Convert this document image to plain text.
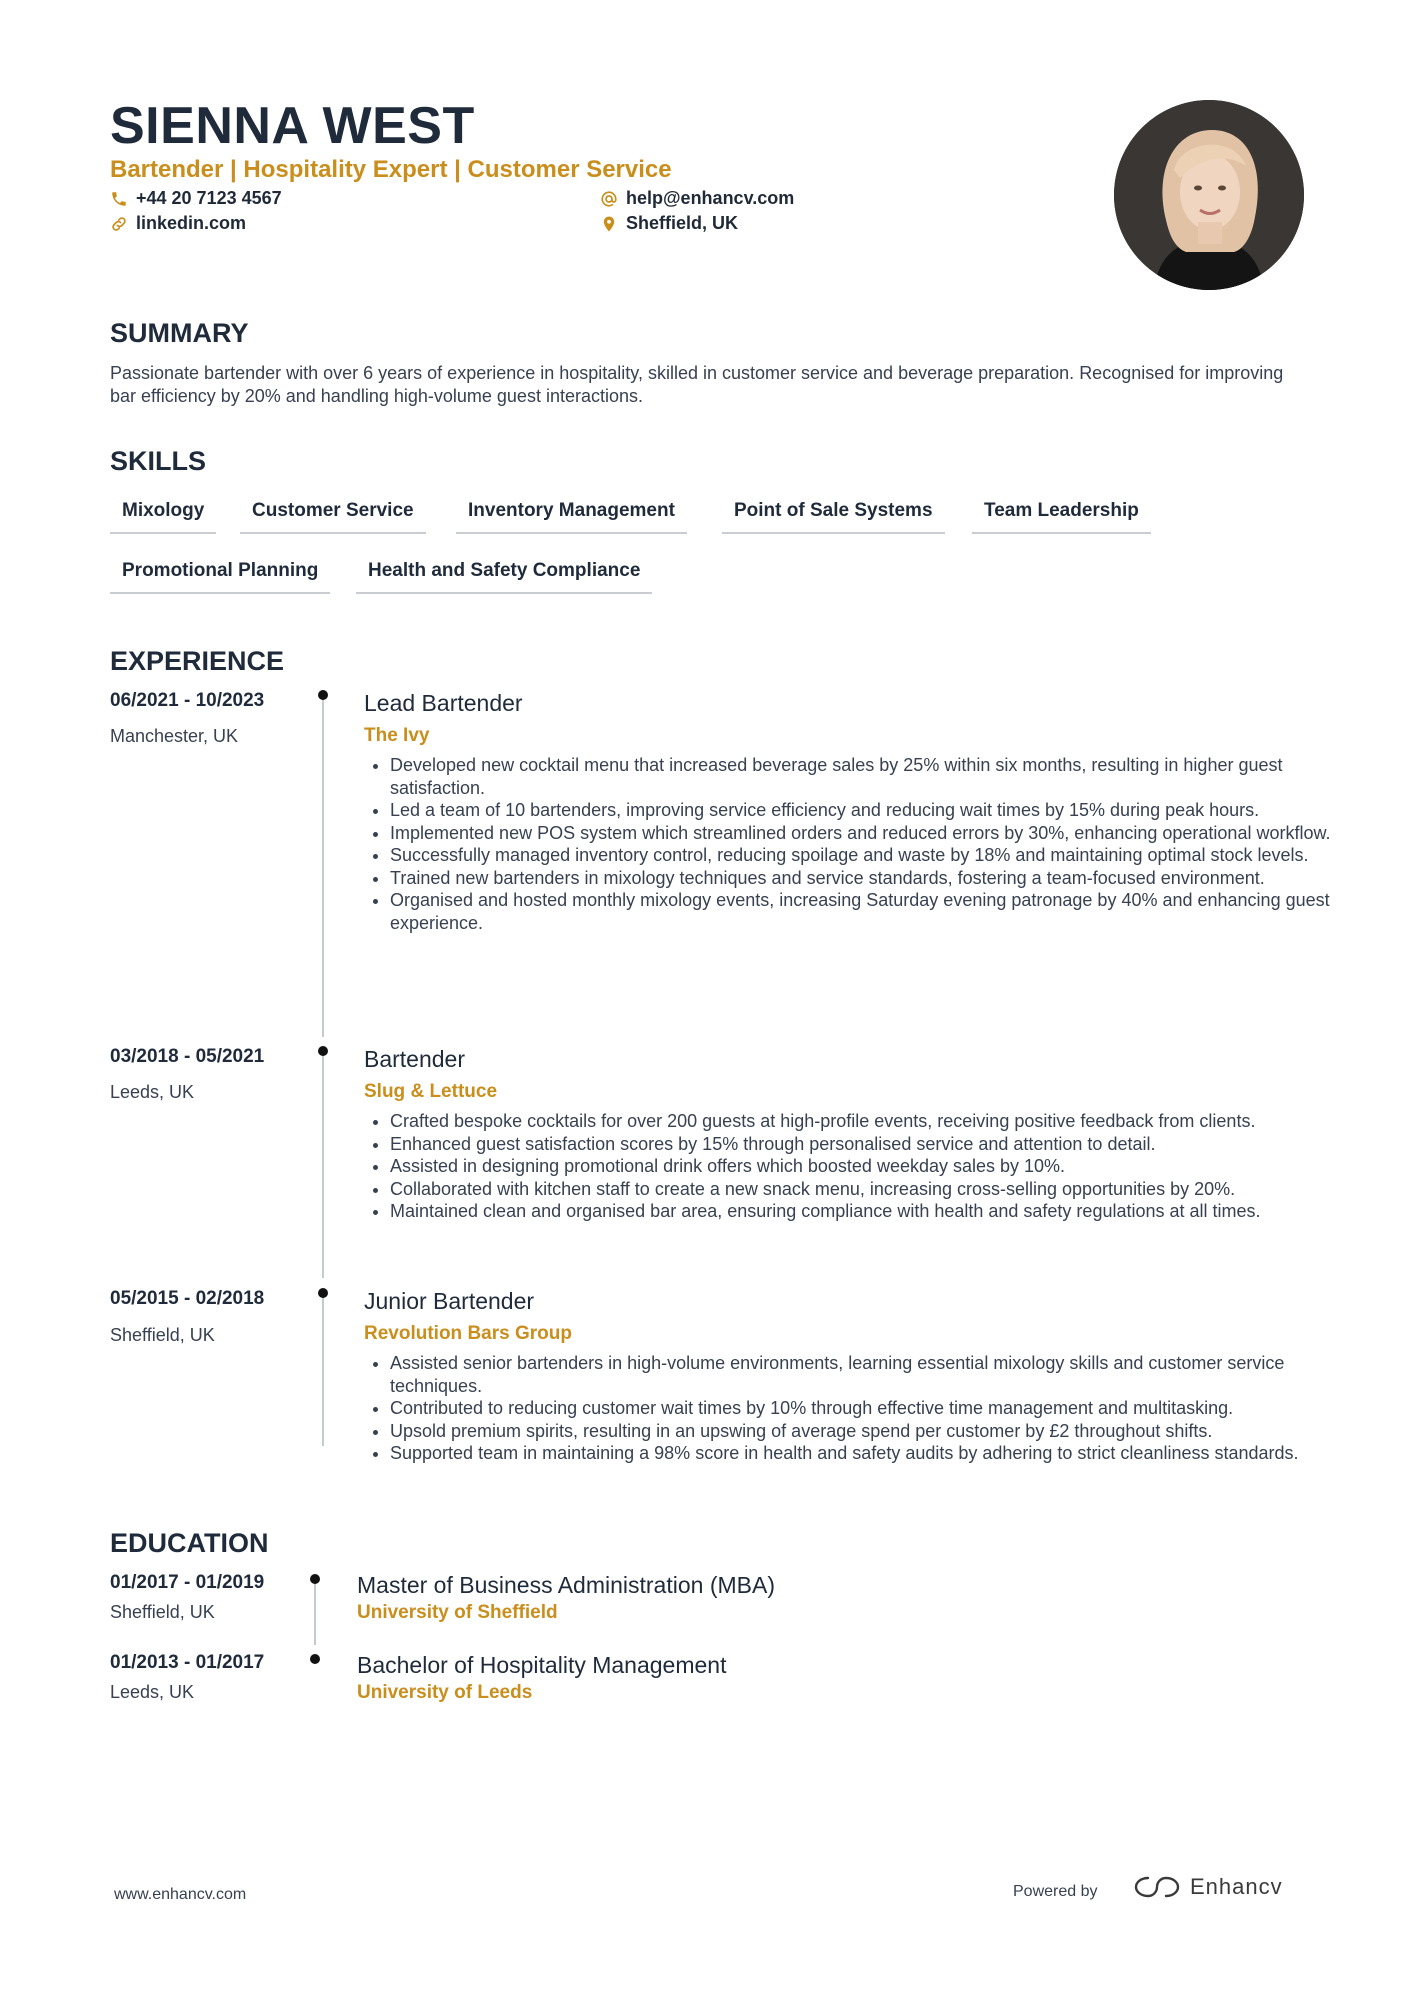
SIENNA WEST
Bartender | Hospitality Expert | Customer Service
+44 20 7123 4567	help@enhancv.com
linkedin.com	Sheffield, UK
SUMMARY
Passionate bartender with over 6 years of experience in hospitality, skilled in customer service and beverage preparation. Recognised for improving bar efficiency by 20% and handling high-volume guest interactions.
SKILLS
Mixology	Customer Service	Inventory Management	Point of Sale Systems	Team Leadership
Promotional Planning	Health and Safety Compliance
EXPERIENCE
06/2021 - 10/2023
Manchester, UK
Lead Bartender
The Ivy
• Developed new cocktail menu that increased beverage sales by 25% within six months, resulting in higher guest satisfaction.
• Led a team of 10 bartenders, improving service efficiency and reducing wait times by 15% during peak hours.
• Implemented new POS system which streamlined orders and reduced errors by 30%, enhancing operational workflow.
• Successfully managed inventory control, reducing spoilage and waste by 18% and maintaining optimal stock levels.
• Trained new bartenders in mixology techniques and service standards, fostering a team-focused environment.
• Organised and hosted monthly mixology events, increasing Saturday evening patronage by 40% and enhancing guest experience.
03/2018 - 05/2021
Leeds, UK
Bartender
Slug & Lettuce
• Crafted bespoke cocktails for over 200 guests at high-profile events, receiving positive feedback from clients.
• Enhanced guest satisfaction scores by 15% through personalised service and attention to detail.
• Assisted in designing promotional drink offers which boosted weekday sales by 10%.
• Collaborated with kitchen staff to create a new snack menu, increasing cross-selling opportunities by 20%.
• Maintained clean and organised bar area, ensuring compliance with health and safety regulations at all times.
05/2015 - 02/2018
Sheffield, UK
Junior Bartender
Revolution Bars Group
• Assisted senior bartenders in high-volume environments, learning essential mixology skills and customer service techniques.
• Contributed to reducing customer wait times by 10% through effective time management and multitasking.
• Upsold premium spirits, resulting in an upswing of average spend per customer by £2 throughout shifts.
• Supported team in maintaining a 98% score in health and safety audits by adhering to strict cleanliness standards.
EDUCATION
01/2017 - 01/2019
Sheffield, UK
Master of Business Administration (MBA)
University of Sheffield
01/2013 - 01/2017
Leeds, UK
Bachelor of Hospitality Management
University of Leeds
www.enhancv.com	Powered by	Enhancv
